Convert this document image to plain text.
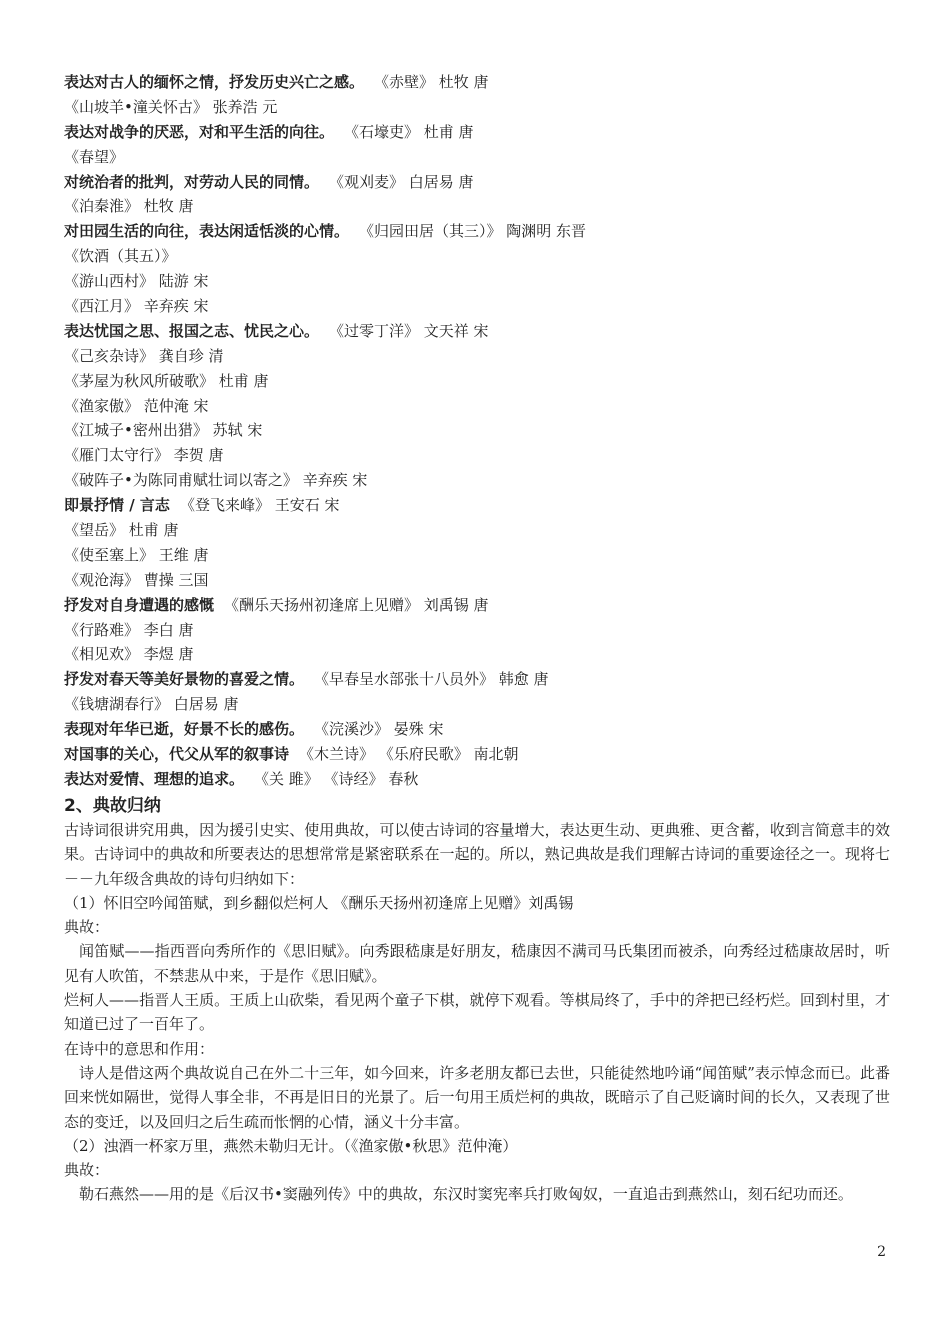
表达对古人的缅怀之情，抒发历史兴亡之感。 《赤壁》 杜牧 唐
《山坡羊•潼关怀古》 张养浩 元
表达对战争的厌恶，对和平生活的向往。 《石壕吏》 杜甫 唐
《春望》
对统治者的批判，对劳动人民的同情。 《观刈麦》 白居易 唐
《泊秦淮》 杜牧 唐
对田园生活的向往，表达闲适恬淡的心情。 《归园田居（其三）》 陶渊明 东晋
《饮酒（其五）》
《游山西村》 陆游 宋
《西江月》 辛弃疾 宋
表达忧国之思、报国之志、忧民之心。 《过零丁洋》 文天祥 宋
《己亥杂诗》 龚自珍 清
《茅屋为秋风所破歌》 杜甫 唐
《渔家傲》 范仲淹 宋
《江城子•密州出猎》 苏轼 宋
《雁门太守行》 李贺 唐
《破阵子•为陈同甫赋壮词以寄之》 辛弃疾 宋
即景抒情 / 言志 《登飞来峰》 王安石 宋
《望岳》 杜甫 唐
《使至塞上》 王维 唐
《观沧海》 曹操 三国
抒发对自身遭遇的感慨 《酬乐天扬州初逢席上见赠》 刘禹锡 唐
《行路难》 李白 唐
《相见欢》 李煜 唐
抒发对春天等美好景物的喜爱之情。 《早春呈水部张十八员外》 韩愈 唐
《钱塘湖春行》 白居易 唐
表现对年华已逝，好景不长的感伤。 《浣溪沙》 晏殊 宋
对国事的关心，代父从军的叙事诗 《木兰诗》 《乐府民歌》 南北朝
表达对爱情、理想的追求。 《关 雎》 《诗经》 春秋
2、典故归纳
古诗词很讲究用典，因为援引史实、使用典故，可以使古诗词的容量增大，表达更生动、更典雅、更含蓄，收到言简意丰的效果。古诗词中的典故和所要表达的思想常常是紧密联系在一起的。所以，熟记典故是我们理解古诗词的重要途径之一。现将七－－九年级含典故的诗句归纳如下：
（1）怀旧空吟闻笛赋，到乡翻似烂柯人 《酬乐天扬州初逢席上见赠》刘禹锡
典故：
闻笛赋——指西晋向秀所作的《思旧赋》。向秀跟嵇康是好朋友，嵇康因不满司马氏集团而被杀，向秀经过嵇康故居时，听见有人吹笛，不禁悲从中来，于是作《思旧赋》。
烂柯人——指晋人王质。王质上山砍柴，看见两个童子下棋，就停下观看。等棋局终了，手中的斧把已经朽烂。回到村里，才知道已过了一百年了。
在诗中的意思和作用：
诗人是借这两个典故说自己在外二十三年，如今回来，许多老朋友都已去世，只能徒然地吟诵“闻笛赋”表示悼念而已。此番回来恍如隔世，觉得人事全非，不再是旧日的光景了。后一句用王质烂柯的典故，既暗示了自己贬谪时间的长久，又表现了世态的变迁，以及回归之后生疏而怅惘的心情，涵义十分丰富。
（2）浊酒一杯家万里，燕然未勒归无计。（《渔家傲•秋思》范仲淹）
典故：
勒石燕然——用的是《后汉书•窦融列传》中的典故，东汉时窦宪率兵打败匈奴，一直追击到燕然山，刻石纪功而还。
2
